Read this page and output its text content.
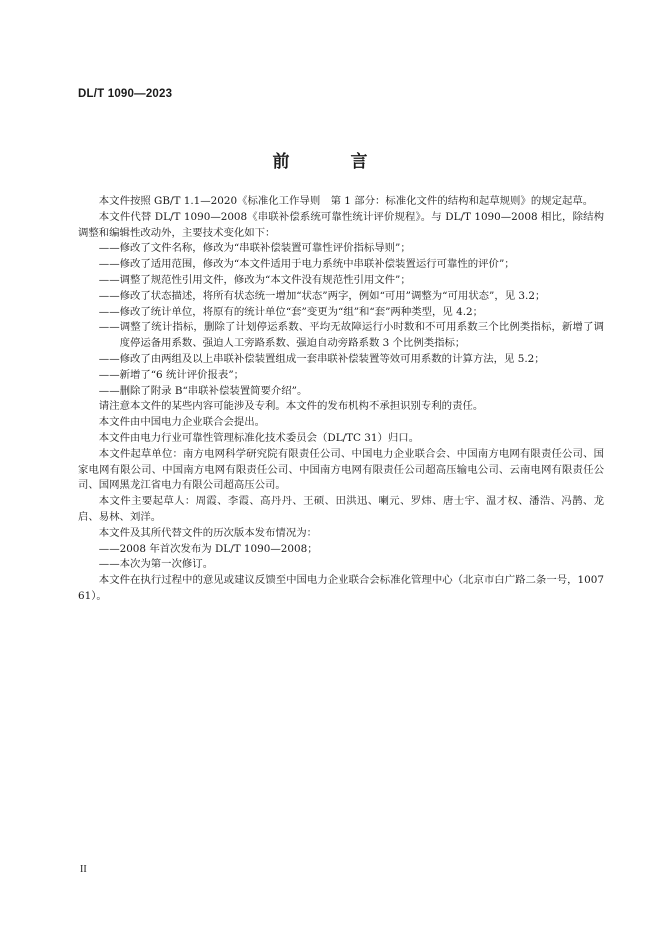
DL/T 1090—2023
前　言

本文件按照 GB/T 1.1—2020《标准化工作导则　第 1 部分：标准化文件的结构和起草规则》的规定起草。

本文件代替 DL/T 1090—2008《串联补偿系统可靠性统计评价规程》。与 DL/T 1090—2008 相比，除结构调整和编辑性改动外，主要技术变化如下：

——修改了文件名称，修改为“串联补偿装置可靠性评价指标导则”；

——修改了适用范围，修改为“本文件适用于电力系统中串联补偿装置运行可靠性的评价”；

——调整了规范性引用文件，修改为“本文件没有规范性引用文件”；

——修改了状态描述，将所有状态统一增加“状态”两字，例如“可用”调整为“可用状态”，见 3.2；

——修改了统计单位，将原有的统计单位“套”变更为“组”和“套”两种类型，见 4.2；

——调整了统计指标，删除了计划停运系数、平均无故障运行小时数和不可用系数三个比例类指标，新增了调度停运备用系数、强迫人工旁路系数、强迫自动旁路系数 3 个比例类指标；

——修改了由两组及以上串联补偿装置组成一套串联补偿装置等效可用系数的计算方法，见 5.2；

——新增了“6 统计评价报表”；

——删除了附录 B“串联补偿装置简要介绍”。

请注意本文件的某些内容可能涉及专利。本文件的发布机构不承担识别专利的责任。

本文件由中国电力企业联合会提出。

本文件由电力行业可靠性管理标准化技术委员会（DL/TC 31）归口。

本文件起草单位：南方电网科学研究院有限责任公司、中国电力企业联合会、中国南方电网有限责任公司、国家电网有限公司、中国南方电网有限责任公司、中国南方电网有限责任公司超高压输电公司、云南电网有限责任公司、国网黑龙江省电力有限公司超高压公司。

本文件主要起草人：周霞、李霞、高丹丹、王硕、田洪迅、喇元、罗炜、唐士宇、温才权、潘浩、冯鹊、龙启、易林、刘洋。

本文件及其所代替文件的历次版本发布情况为：

——2008 年首次发布为 DL/T 1090—2008；

——本次为第一次修订。

本文件在执行过程中的意见或建议反馈至中国电力企业联合会标准化管理中心（北京市白广路二条一号，100761）。

II
